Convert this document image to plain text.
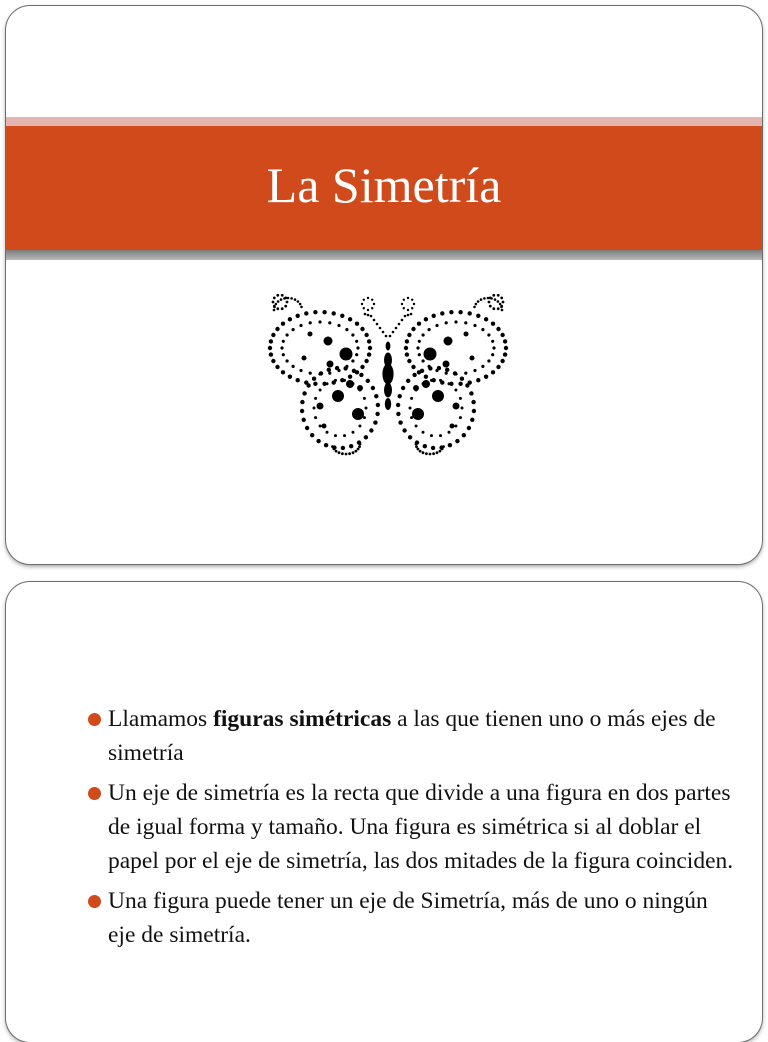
La Simetría
Llamamos figuras simétricas a las que tienen uno o más ejes de simetría
Un eje de simetría es la recta que divide a una figura en dos partes de igual forma y tamaño. Una figura es simétrica si al doblar el papel por el eje de simetría, las dos mitades de la figura coinciden.
Una figura puede tener un eje de Simetría, más de uno o ningún eje de simetría.
